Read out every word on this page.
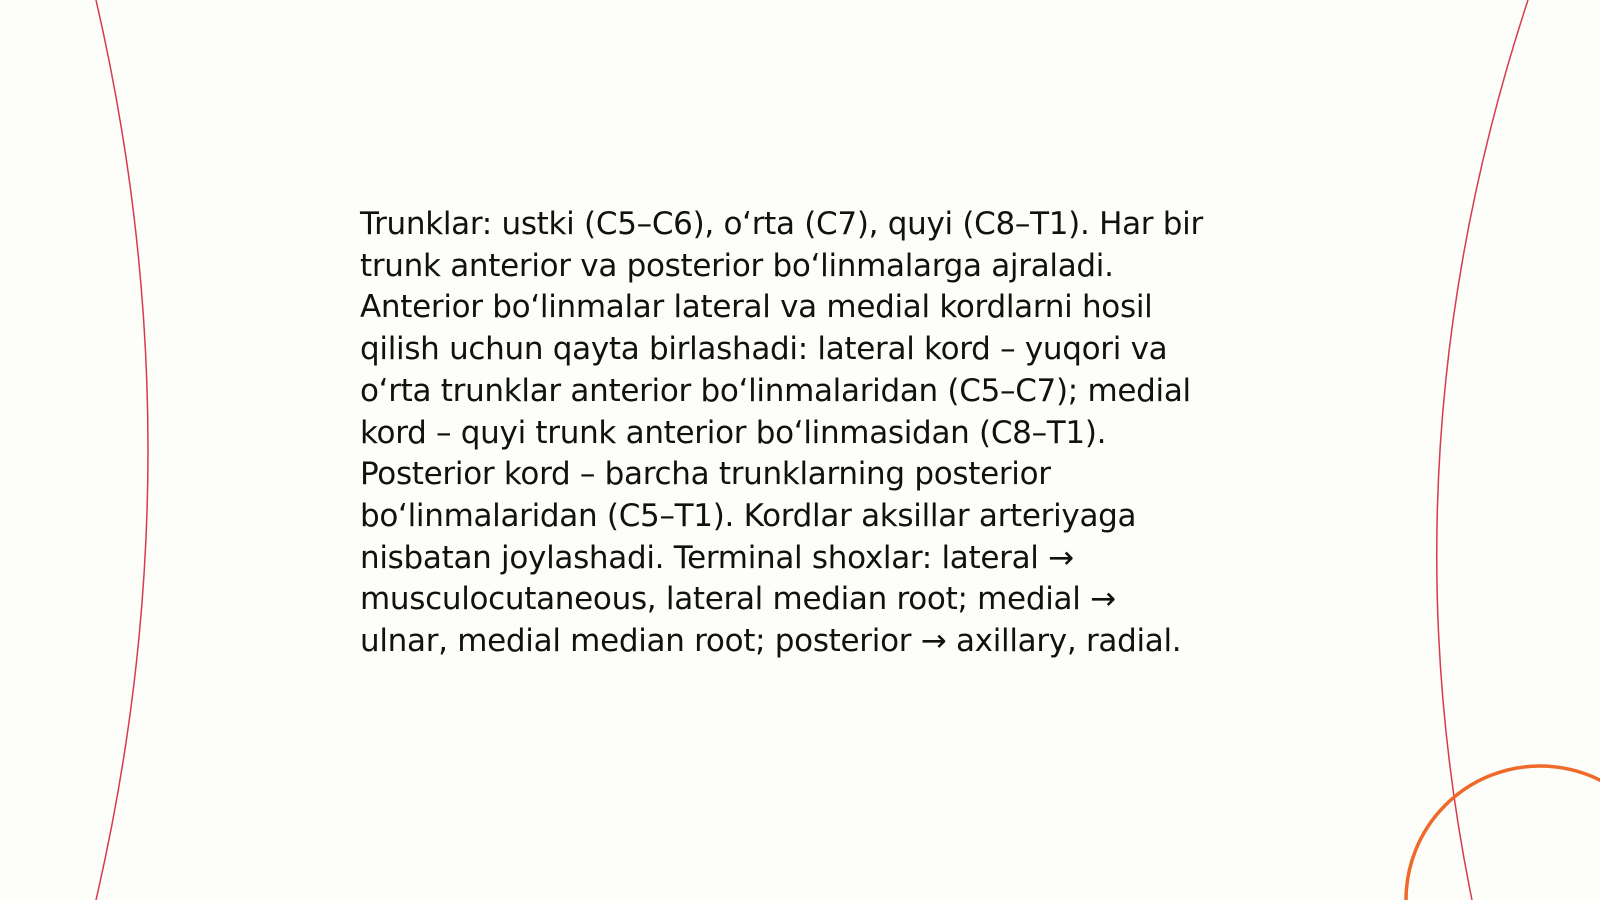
Trunklar: ustki (C5–C6), oʻrta (C7), quyi (C8–T1). Har bir
trunk anterior va posterior boʻlinmalarga ajraladi.
Anterior boʻlinmalar lateral va medial kordlarni hosil
qilish uchun qayta birlashadi: lateral kord – yuqori va
oʻrta trunklar anterior boʻlinmalaridan (C5–C7); medial
kord – quyi trunk anterior boʻlinmasidan (C8–T1).
Posterior kord – barcha trunklarning posterior
boʻlinmalaridan (C5–T1). Kordlar aksillar arteriyaga
nisbatan joylashadi. Terminal shoxlar: lateral →
musculocutaneous, lateral median root; medial →
ulnar, medial median root; posterior → axillary, radial.
